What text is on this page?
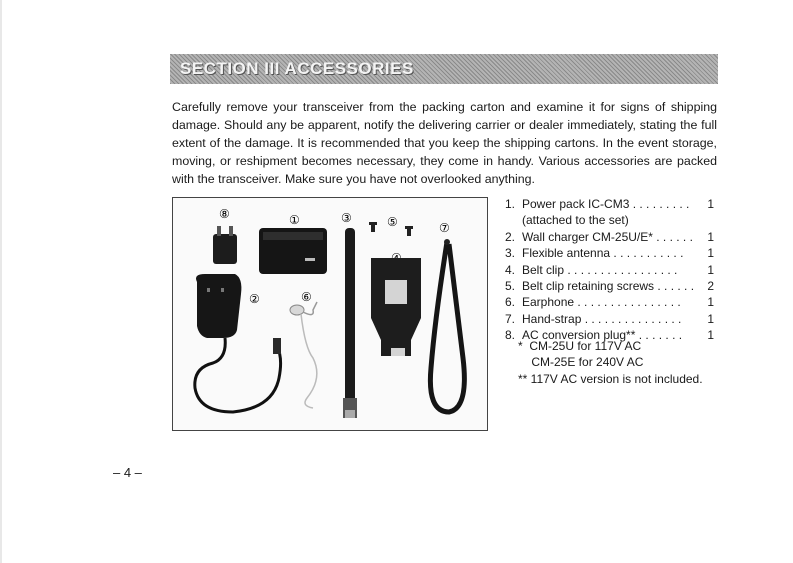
SECTION III ACCESSORIES

Carefully remove your transceiver from the packing carton and examine it for signs of shipping damage. Should any be apparent, notify the delivering carrier or dealer immediately, stating the full extent of the damage. It is recommended that you keep the shipping cartons. In the event storage, moving, or reshipment becomes necessary, they come in handy. Various accessories are packed with the transceiver. Make sure you have not overlooked anything.

⑧	①	③	⑤	⑦
②	⑥
1. Power pack IC-CM3 . . . . . . . . . 1
(attached to the set)
2. Wall charger CM-25U/E* . . . . . . 1
3. Flexible antenna . . . . . . . . . . . 1
4. Belt clip . . . . . . . . . . . . . . . . . 1
5. Belt clip retaining screws . . . . . . 2
6. Earphone . . . . . . . . . . . . . . . . 1
7. Hand-strap . . . . . . . . . . . . . . . 1
8. AC conversion plug** . . . . . . . 1
*  CM-25U for 117V AC
CM-25E for 240V AC
** 117V AC version is not included.
– 4 –
